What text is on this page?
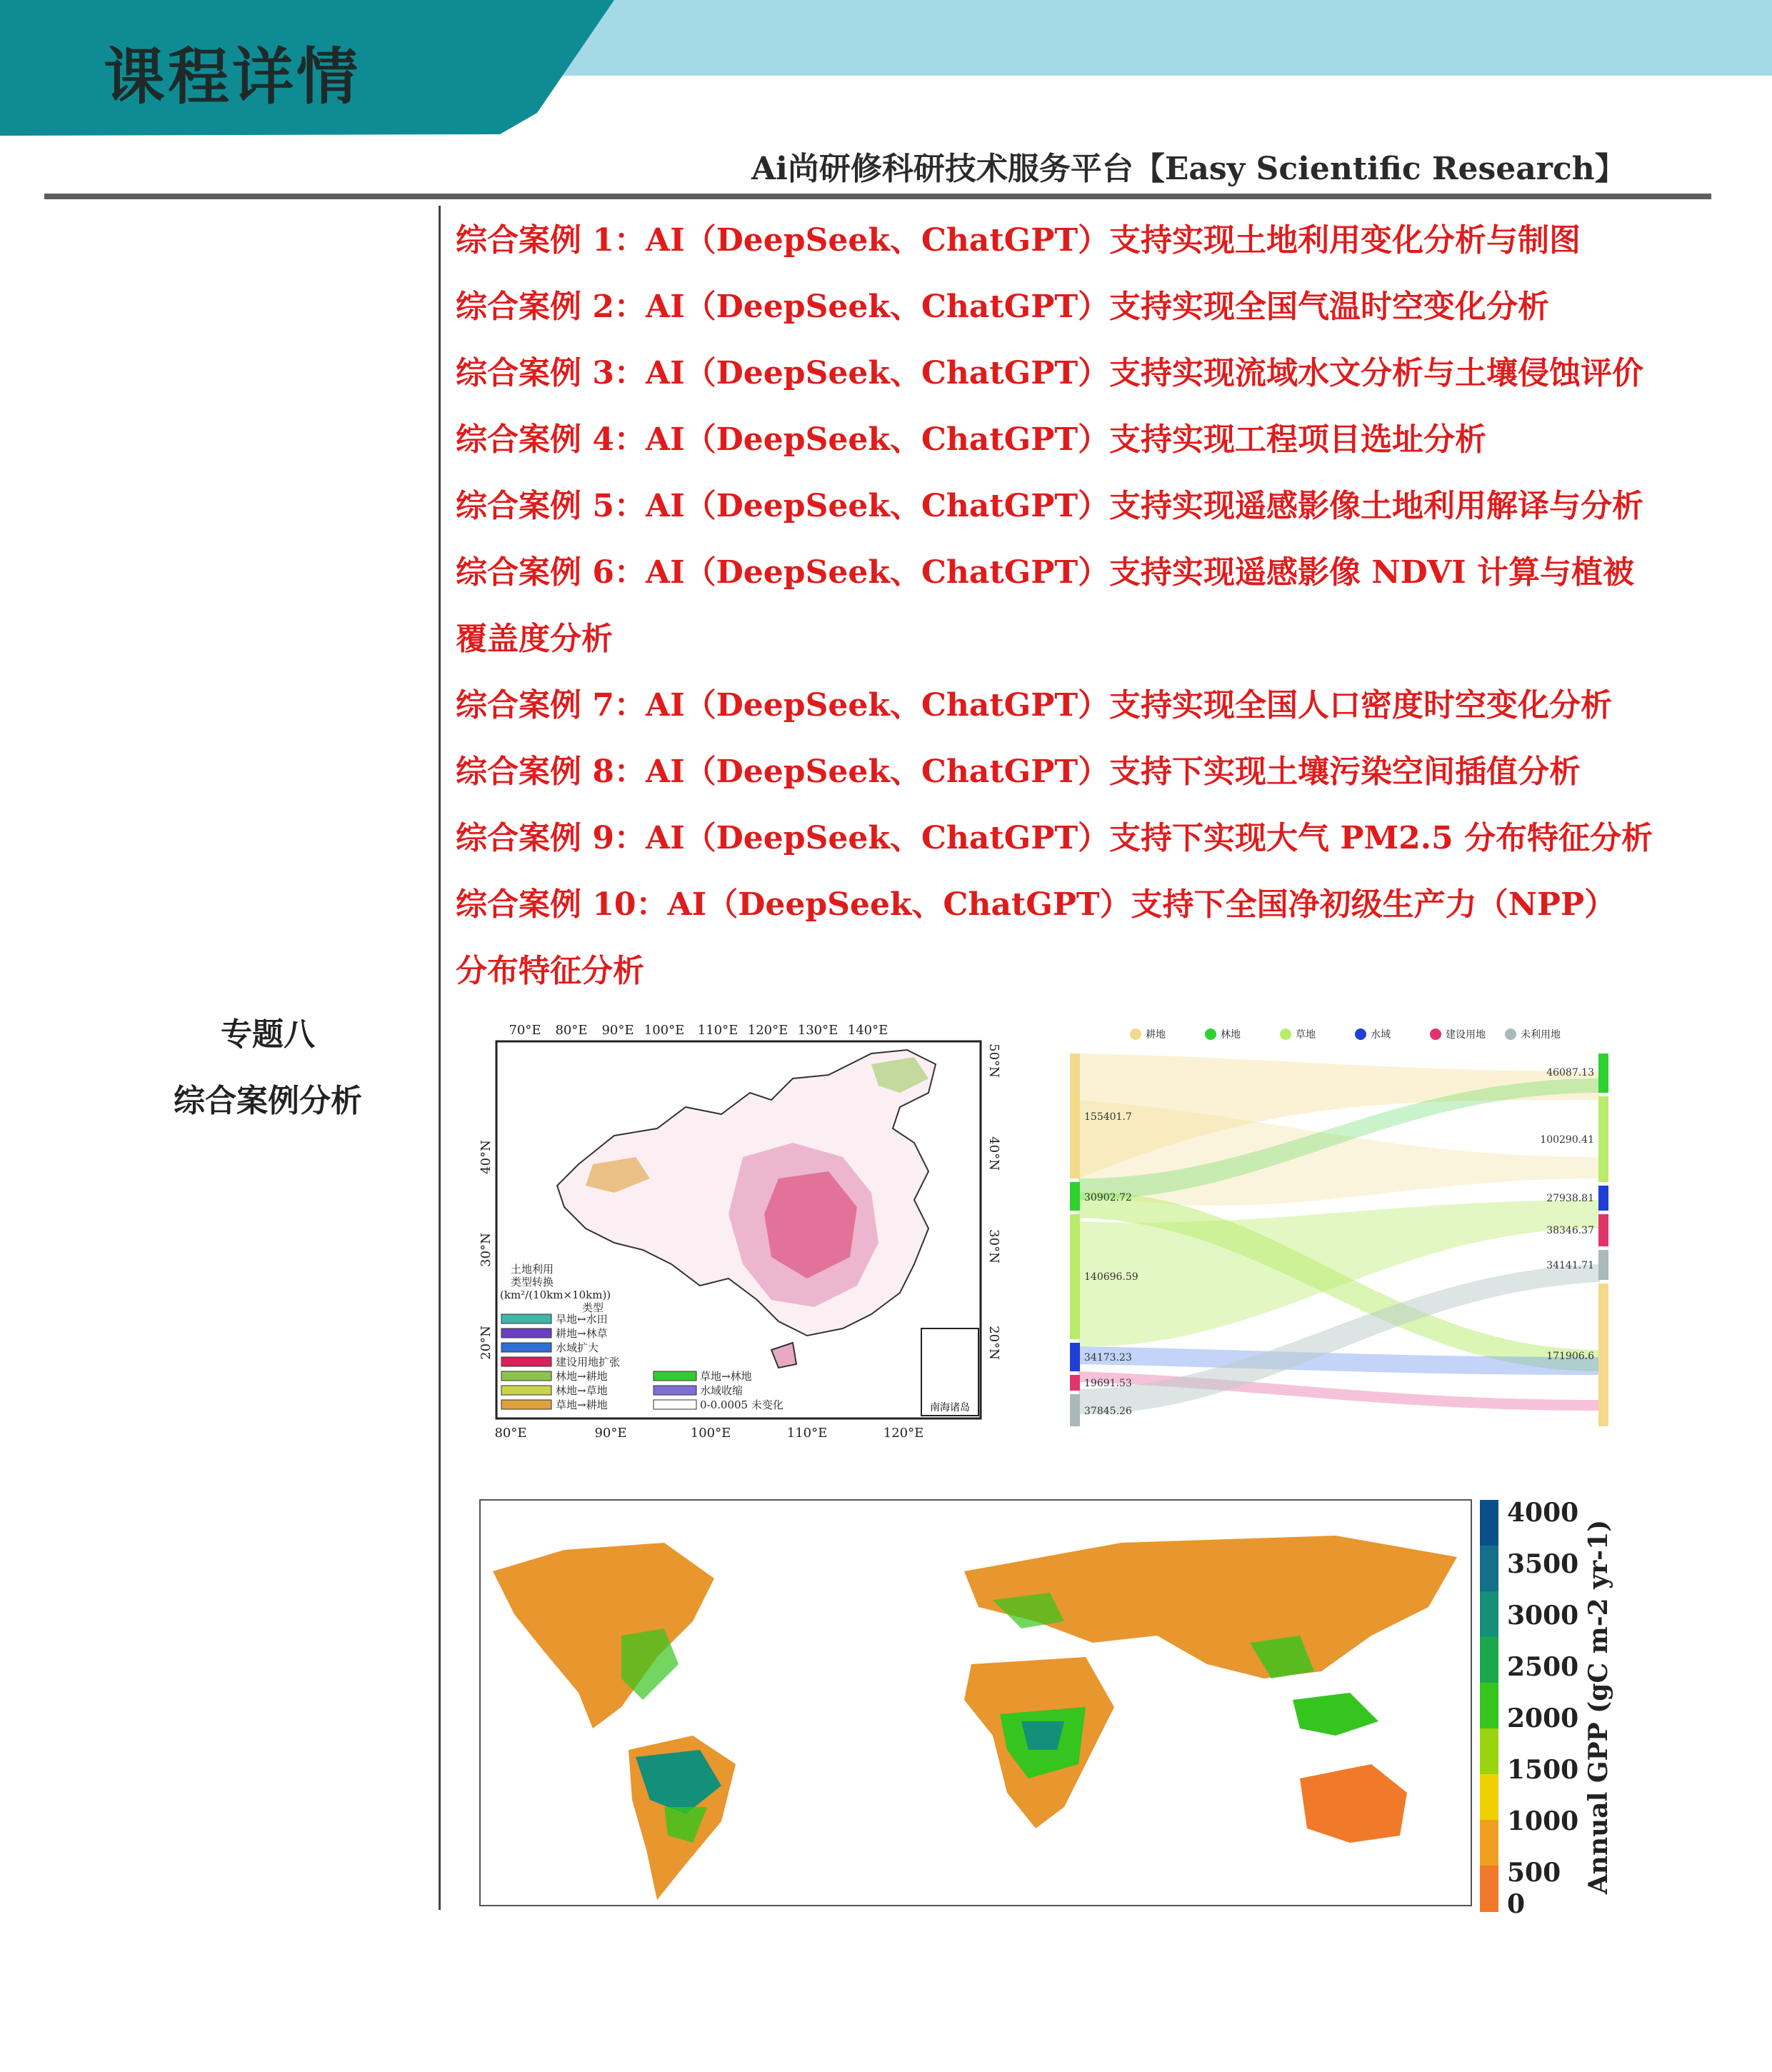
课程详情
Ai尚研修科研技术服务平台【Easy Scientific Research】
专题八
综合案例分析
综合案例 1：AI（DeepSeek、ChatGPT）支持实现土地利用变化分析与制图
综合案例 2：AI（DeepSeek、ChatGPT）支持实现全国气温时空变化分析
综合案例 3：AI（DeepSeek、ChatGPT）支持实现流域水文分析与土壤侵蚀评价
综合案例 4：AI（DeepSeek、ChatGPT）支持实现工程项目选址分析
综合案例 5：AI（DeepSeek、ChatGPT）支持实现遥感影像土地利用解译与分析
综合案例 6：AI（DeepSeek、ChatGPT）支持实现遥感影像 NDVI 计算与植被覆盖度分析
综合案例 7：AI（DeepSeek、ChatGPT）支持实现全国人口密度时空变化分析
综合案例 8：AI（DeepSeek、ChatGPT）支持下实现土壤污染空间插值分析
综合案例 9：AI（DeepSeek、ChatGPT）支持下实现大气 PM2.5 分布特征分析
综合案例 10：AI（DeepSeek、ChatGPT）支持下全国净初级生产力（NPP）分布特征分析
南海诸岛
70°E 80°E 90°E 100°E 110°E 120°E 130°E 140°E
80°E	90°E	100°E	110°E	120°E
40°N
30°N
20°N
50°N
40°N
30°N
20°N
土地利用
类型转换
(km²/(10km×10km))
类型
旱地↔水田
耕地→林草
水域扩大
建设用地扩张
林地→耕地
林地→草地
草地→耕地
草地→林地
水域收缩
0-0.0005 未变化
耕地	林地	草地	水域	建设用地	未利用地
155401.7
30902.72
140696.59
34173.23
19691.53
37845.26
46087.13
100290.41
27938.81
38346.37
34141.71
171906.6
4000
3500
3000
2500
2000
1500
1000
500
0
Annual GPP (gC m-2 yr-1)
